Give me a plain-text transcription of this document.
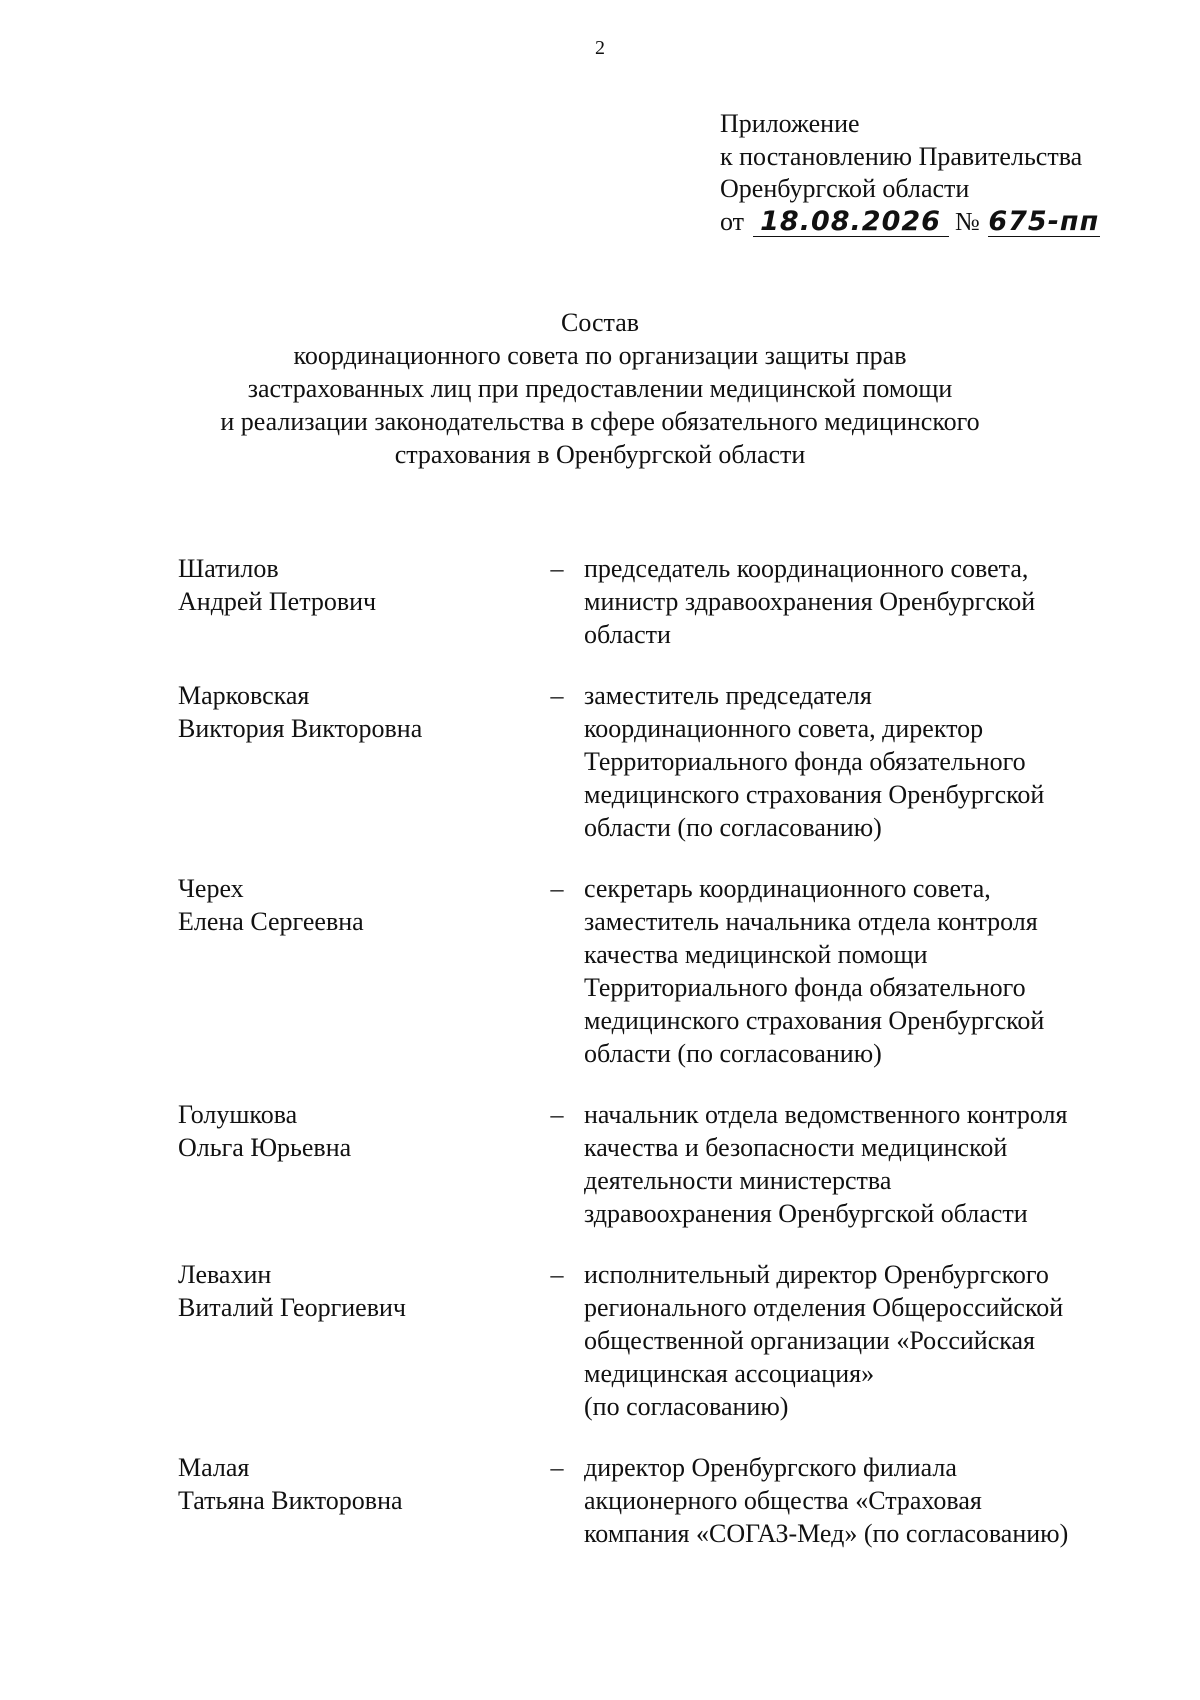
2
Приложение
к постановлению Правительства
Оренбургской области
от 18.08.2026 № 675-пп
Состав
координационного совета по организации защиты прав
застрахованных лиц при предоставлении медицинской помощи
и реализации законодательства в сфере обязательного медицинского
страхования в Оренбургской области
Шатилов
Андрей Петрович
– председатель координационного совета,
министр здравоохранения Оренбургской
области
Марковская
Виктория Викторовна
– заместитель председателя
координационного совета, директор
Территориального фонда обязательного
медицинского страхования Оренбургской
области (по согласованию)
Черех
Елена Сергеевна
– секретарь координационного совета,
заместитель начальника отдела контроля
качества медицинской помощи
Территориального фонда обязательного
медицинского страхования Оренбургской
области (по согласованию)
Голушкова
Ольга Юрьевна
– начальник отдела ведомственного контроля
качества и безопасности медицинской
деятельности министерства
здравоохранения Оренбургской области
Левахин
Виталий Георгиевич
– исполнительный директор Оренбургского
регионального отделения Общероссийской
общественной организации «Российская
медицинская ассоциация»
(по согласованию)
Малая
Татьяна Викторовна
– директор Оренбургского филиала
акционерного общества «Страховая
компания «СОГАЗ-Мед» (по согласованию)
